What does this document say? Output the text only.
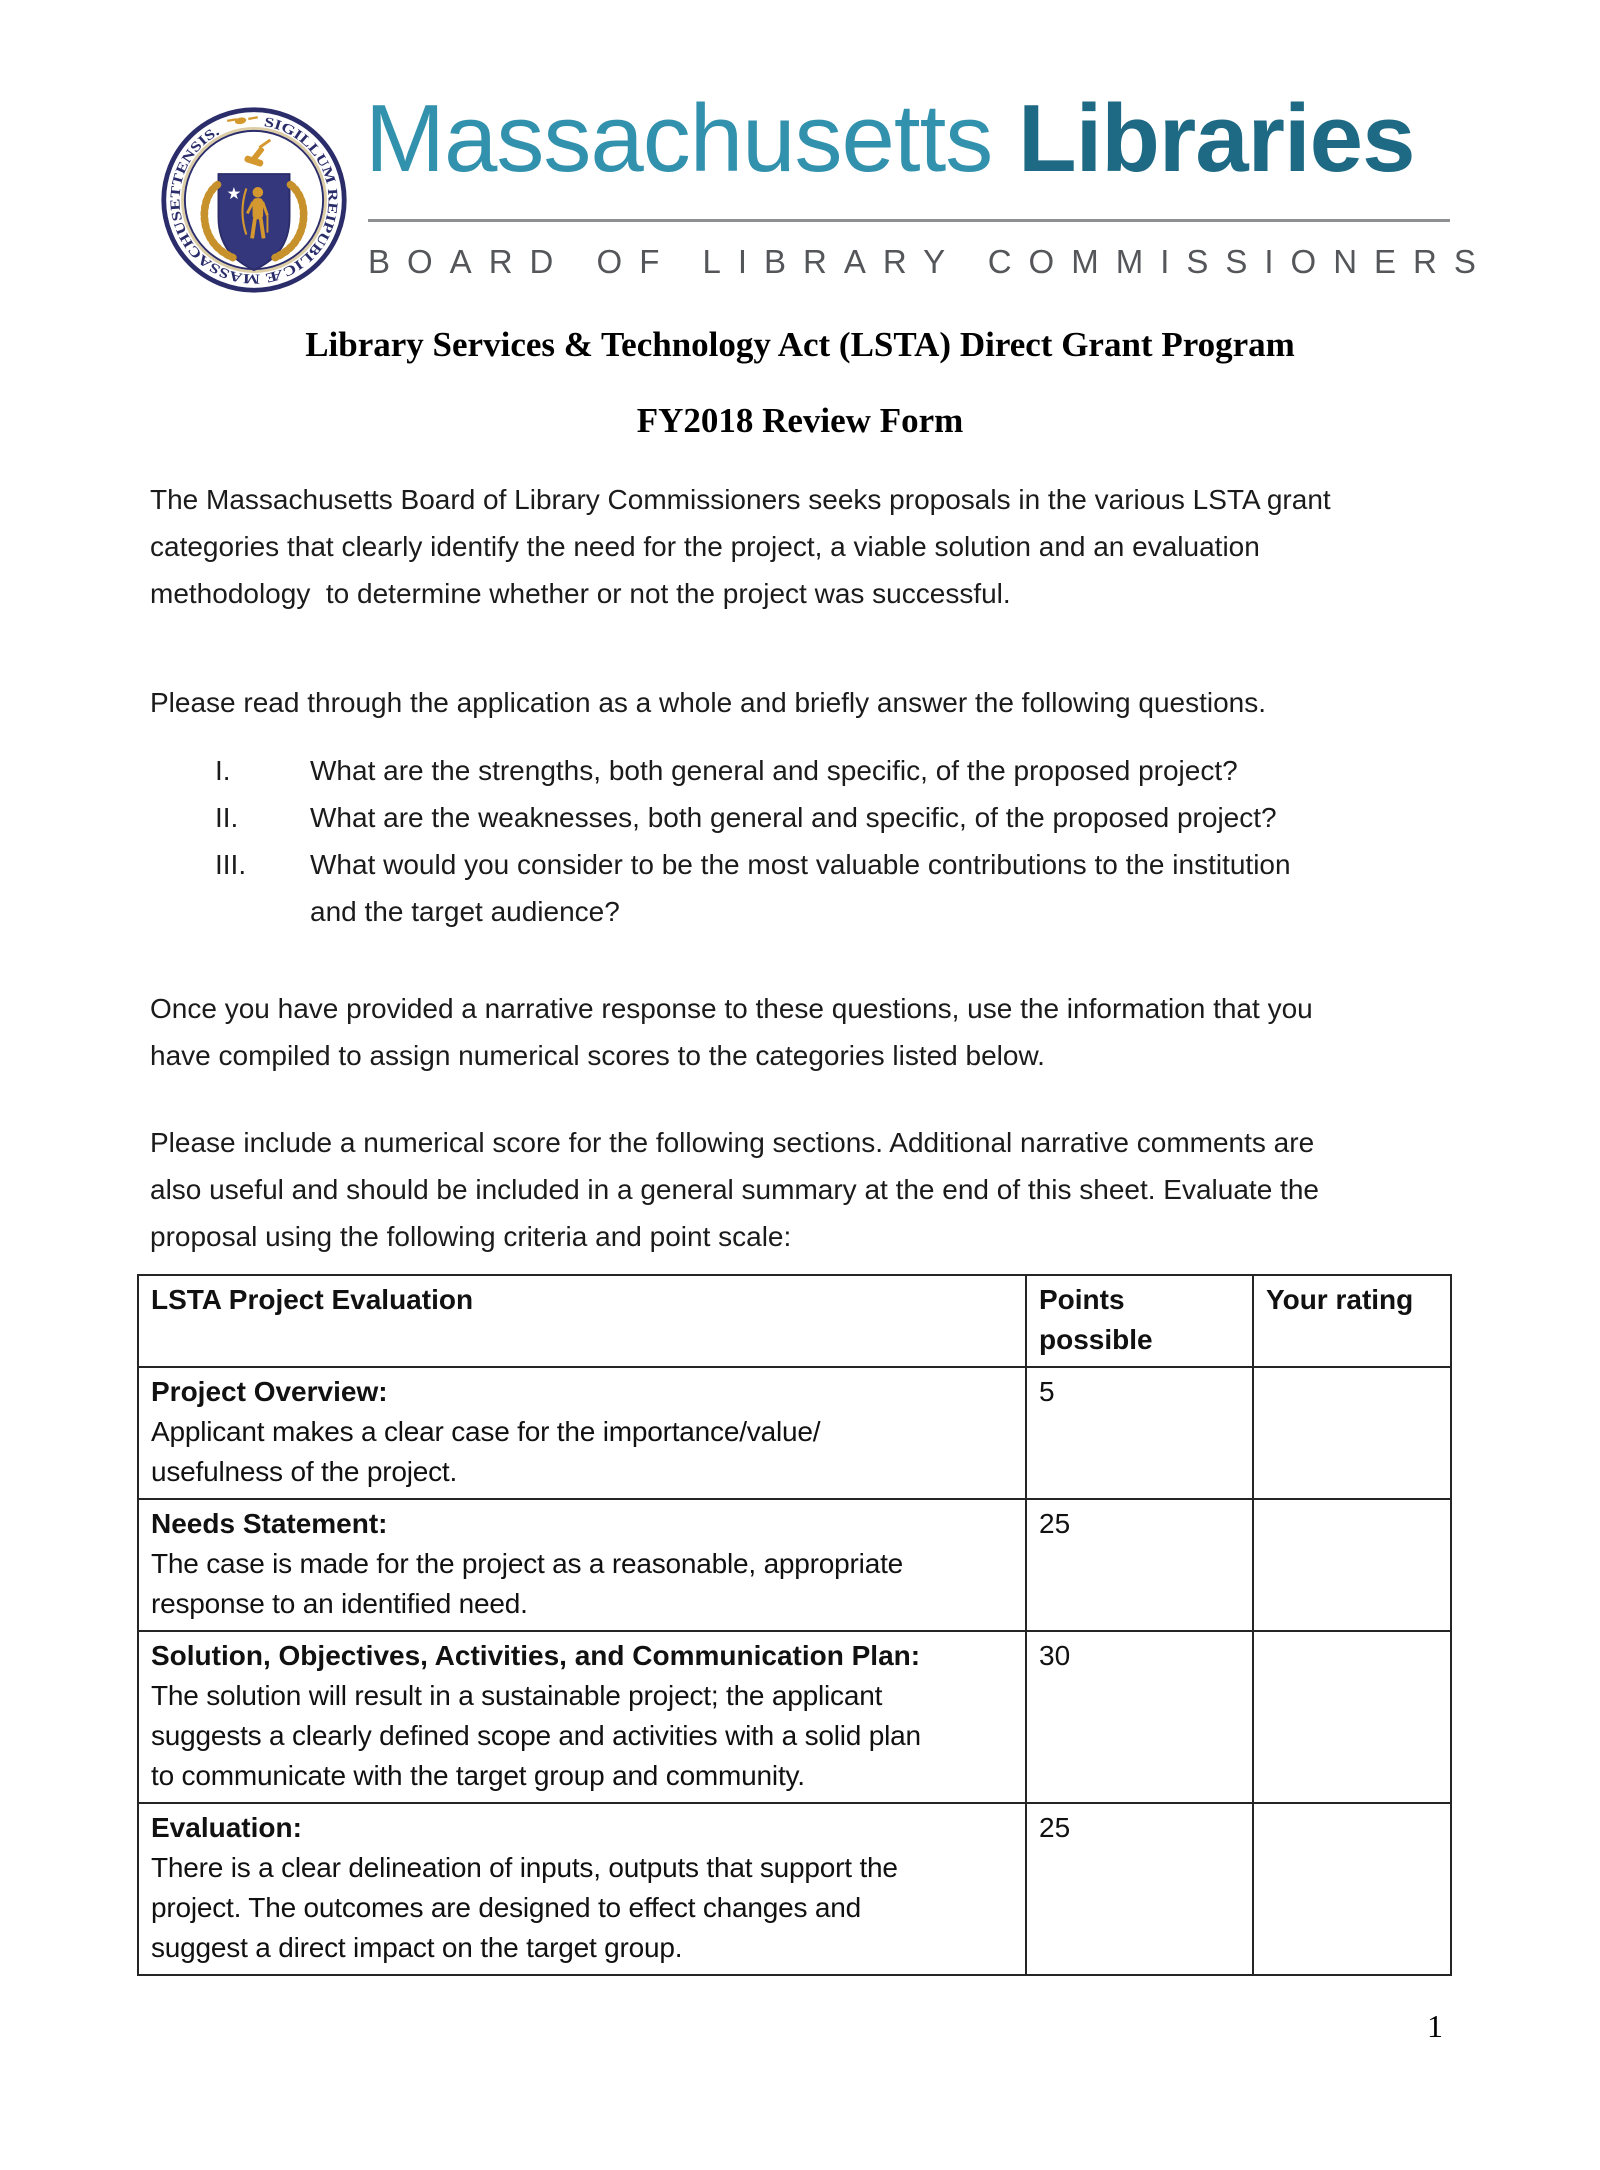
SIGILLUM REIPUBLICÆ MASSACHUSETTENSIS.
★
Massachusetts Libraries
BOARD OF LIBRARY COMMISSIONERS
Library Services & Technology Act (LSTA) Direct Grant Program
FY2018 Review Form
The Massachusetts Board of Library Commissioners seeks proposals in the various LSTA grant
categories that clearly identify the need for the project, a viable solution and an evaluation
methodology  to determine whether or not the project was successful.
Please read through the application as a whole and briefly answer the following questions.
I.	What are the strengths, both general and specific, of the proposed project?
II.	What are the weaknesses, both general and specific, of the proposed project?
III.	What would you consider to be the most valuable contributions to the institution
and the target audience?
Once you have provided a narrative response to these questions, use the information that you
have compiled to assign numerical scores to the categories listed below.
Please include a numerical score for the following sections. Additional narrative comments are
also useful and should be included in a general summary at the end of this sheet. Evaluate the
proposal using the following criteria and point scale:
LSTA Project Evaluation	Points possible	Your rating

Project Overview:
Applicant makes a clear case for the importance/value/
usefulness of the project.	5	

Needs Statement:
The case is made for the project as a reasonable, appropriate
response to an identified need.	25	

Solution, Objectives, Activities, and Communication Plan:
The solution will result in a sustainable project; the applicant
suggests a clearly defined scope and activities with a solid plan
to communicate with the target group and community.	30	

Evaluation:
There is a clear delineation of inputs, outputs that support the
project. The outcomes are designed to effect changes and
suggest a direct impact on the target group.	25	
1
